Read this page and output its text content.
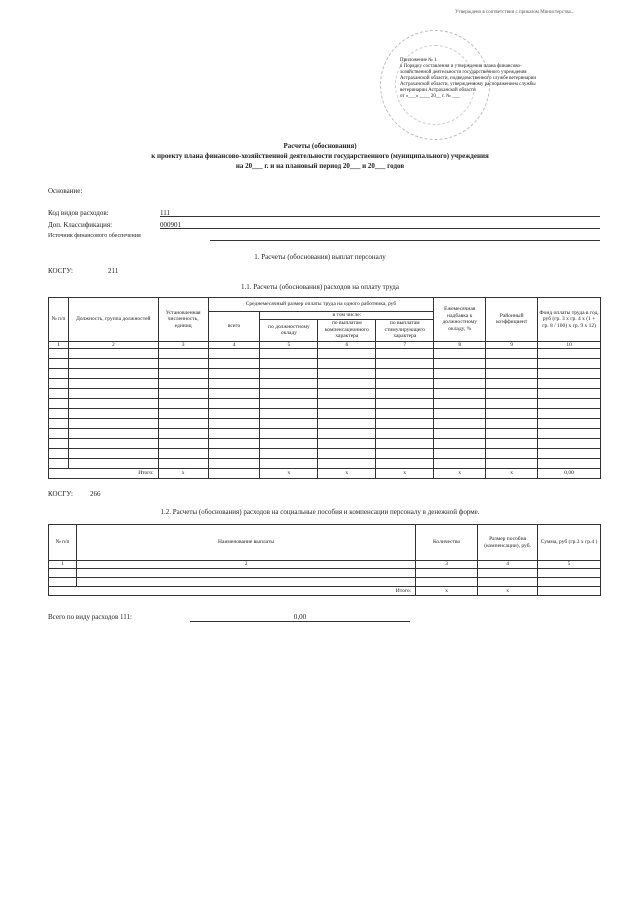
Утверждено в соответствии с приказом Министерства...
Приложение № 1
к Порядку составления и утверждения плана финансово-
хозяйственной деятельности государственного учреждения
Астраханской области, подведомственного службе ветеринарии
Астраханской области, утвержденному распоряжением службы
ветеринарии Астраханской области
от «___» ____ 20__ г. № ___
Расчеты (обоснования)
к проекту плана финансово-хозяйственной деятельности государственного (муниципального) учреждения
на 20___ г. и на плановый период 20___ и 20___ годов
Основание:
Код видов расходов:	111
Доп. Классификация:	000901
Источник финансового обеспечения
1. Расчеты (обоснования) выплат персоналу
КОСГУ:	211
1.1. Расчеты (обоснования) расходов на оплату труда
№ п/п	Должность, группа должностей	Установленная численность, единиц	Среднемесячный размер оплаты труда на одного работника, руб				Ежемесячная надбавка к должностному окладу, %	Районный коэффициент	Фонд оплаты труда в год, руб (гр. 3 х гр. 4 х (1 + гр. 8 / 100) х гр. 9 х 12)
			всего	в том числе:					
				по должностному окладу	по выплатам компенсационного характера	по выплатам стимулирующего характера			
1	2	3	4	5	6	7	8	9	10

Итого:		х		х	х	х	х	х	0,00
КОСГУ: 266
1.2. Расчеты (обоснования) расходов на социальные пособия и компенсации персоналу в денежной форме.
№ п/п	Наименование выплаты	Количество	Размер пособия (компенсации), руб.	Сумма, руб (гр.3 х гр.4 )
1	2	3	4	5

Итого:		х	х	
Всего по виду расходов 111:	0,00
